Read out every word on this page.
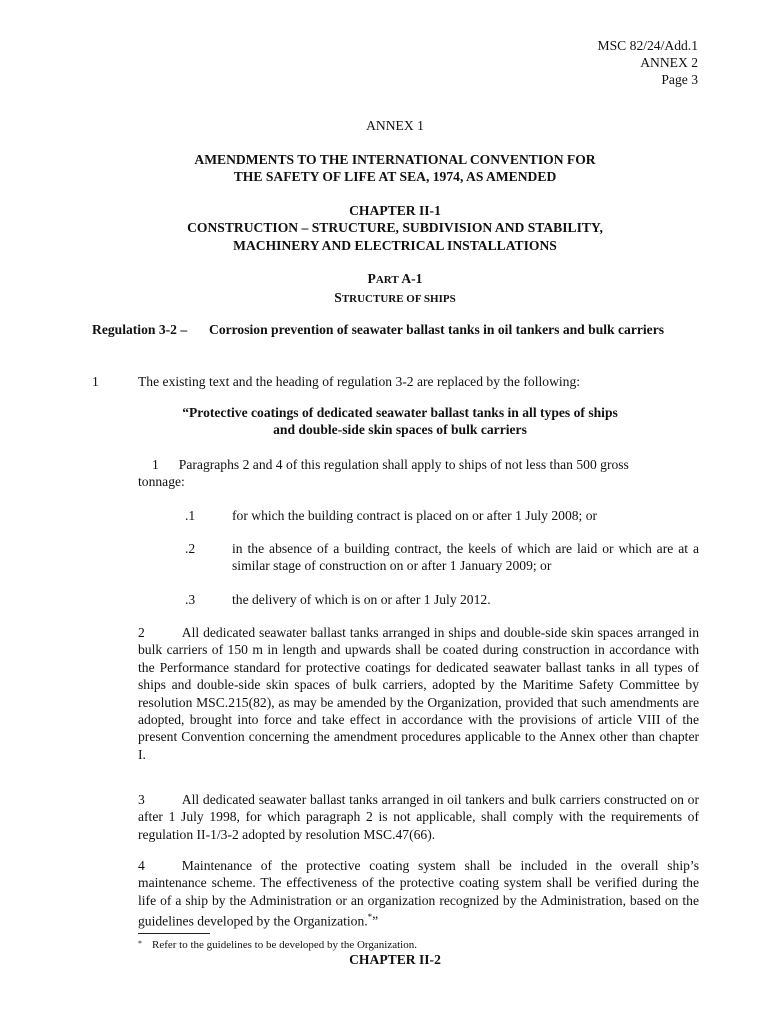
MSC 82/24/Add.1
ANNEX 2
Page 3
ANNEX 1
AMENDMENTS TO THE INTERNATIONAL CONVENTION FOR
THE SAFETY OF LIFE AT SEA, 1974, AS AMENDED
CHAPTER II-1
CONSTRUCTION – STRUCTURE, SUBDIVISION AND STABILITY,
MACHINERY AND ELECTRICAL INSTALLATIONS
PART A-1
STRUCTURE OF SHIPS
Regulation 3-2 – Corrosion prevention of seawater ballast tanks in oil tankers and bulk carriers
1	The existing text and the heading of regulation 3-2 are replaced by the following:
“Protective coatings of dedicated seawater ballast tanks in all types of ships
and double-side skin spaces of bulk carriers
1 Paragraphs 2 and 4 of this regulation shall apply to ships of not less than 500 gross
tonnage:
.1	for which the building contract is placed on or after 1 July 2008; or
.2	in the absence of a building contract, the keels of which are laid or which are at a similar stage of construction on or after 1 January 2009; or
.3	the delivery of which is on or after 1 July 2012.
2	All dedicated seawater ballast tanks arranged in ships and double-side skin spaces arranged in bulk carriers of 150 m in length and upwards shall be coated during construction in accordance with the Performance standard for protective coatings for dedicated seawater ballast tanks in all types of ships and double-side skin spaces of bulk carriers, adopted by the Maritime Safety Committee by resolution MSC.215(82), as may be amended by the Organization, provided that such amendments are adopted, brought into force and take effect in accordance with the provisions of article VIII of the present Convention concerning the amendment procedures applicable to the Annex other than chapter I.
3	All dedicated seawater ballast tanks arranged in oil tankers and bulk carriers constructed on or after 1 July 1998, for which paragraph 2 is not applicable, shall comply with the requirements of regulation II-1/3-2 adopted by resolution MSC.47(66).
4	Maintenance of the protective coating system shall be included in the overall ship’s maintenance scheme. The effectiveness of the protective coating system shall be verified during the life of a ship by the Administration or an organization recognized by the Administration, based on the guidelines developed by the Organization.*”
* Refer to the guidelines to be developed by the Organization.
CHAPTER II-2
